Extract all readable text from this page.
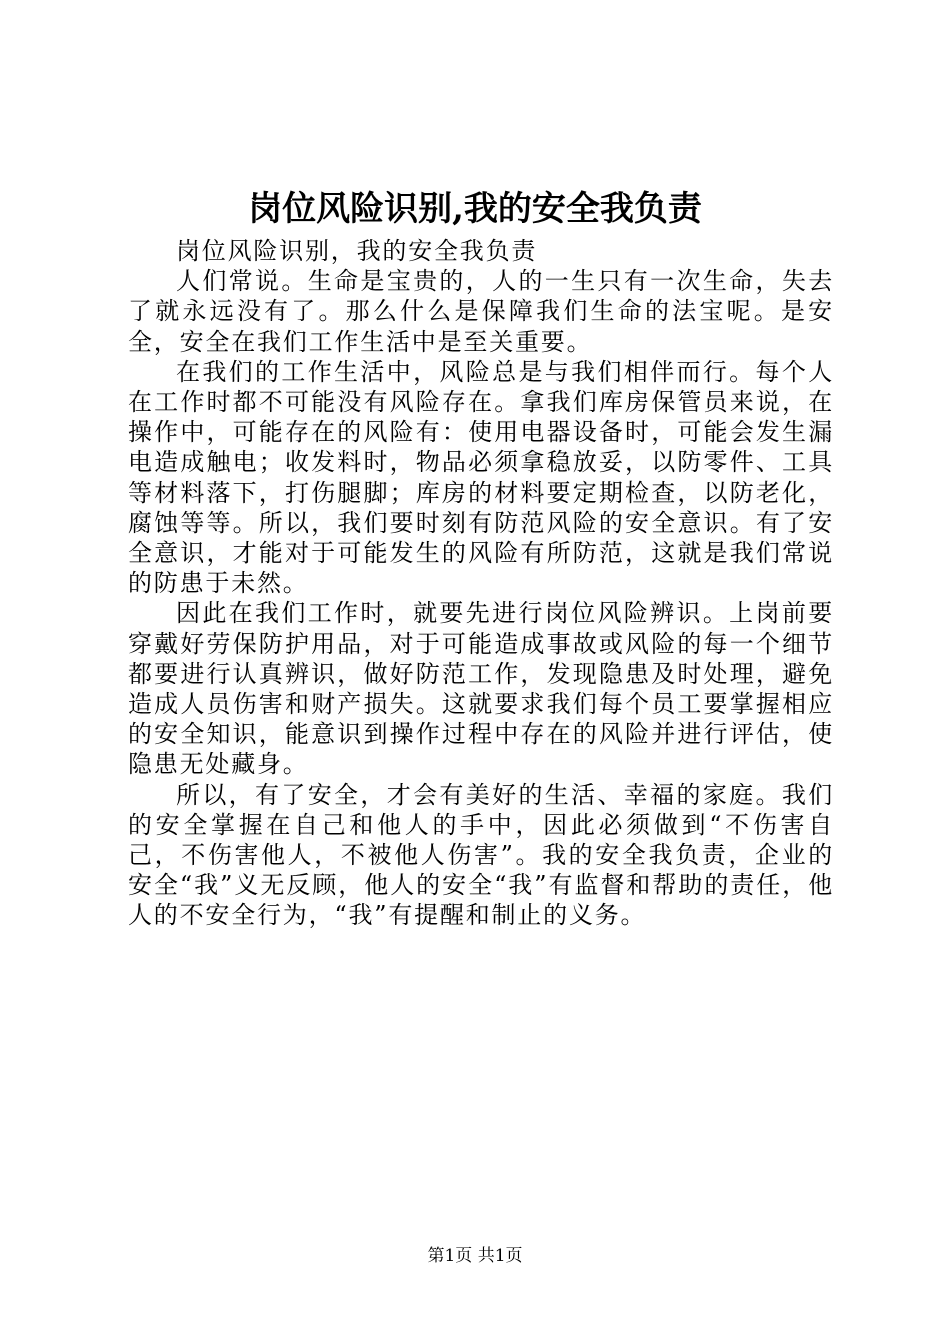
岗位风险识别,我的安全我负责

岗位风险识别，我的安全我负责

人们常说。生命是宝贵的，人的一生只有一次生命，失去了就永远没有了。那么什么是保障我们生命的法宝呢。是安全，安全在我们工作生活中是至关重要。

在我们的工作生活中，风险总是与我们相伴而行。每个人在工作时都不可能没有风险存在。拿我们库房保管员来说，在操作中，可能存在的风险有：使用电器设备时，可能会发生漏电造成触电；收发料时，物品必须拿稳放妥，以防零件、工具等材料落下，打伤腿脚；库房的材料要定期检查，以防老化，腐蚀等等。所以，我们要时刻有防范风险的安全意识。有了安全意识，才能对于可能发生的风险有所防范，这就是我们常说的防患于未然。

因此在我们工作时，就要先进行岗位风险辨识。上岗前要穿戴好劳保防护用品，对于可能造成事故或风险的每一个细节都要进行认真辨识，做好防范工作，发现隐患及时处理，避免造成人员伤害和财产损失。这就要求我们每个员工要掌握相应的安全知识，能意识到操作过程中存在的风险并进行评估，使隐患无处藏身。

所以，有了安全，才会有美好的生活、幸福的家庭。我们的安全掌握在自己和他人的手中，因此必须做到“不伤害自己，不伤害他人，不被他人伤害”。我的安全我负责，企业的安全“我”义无反顾，他人的安全“我”有监督和帮助的责任，他人的不安全行为，“我”有提醒和制止的义务。

第1页 共1页
